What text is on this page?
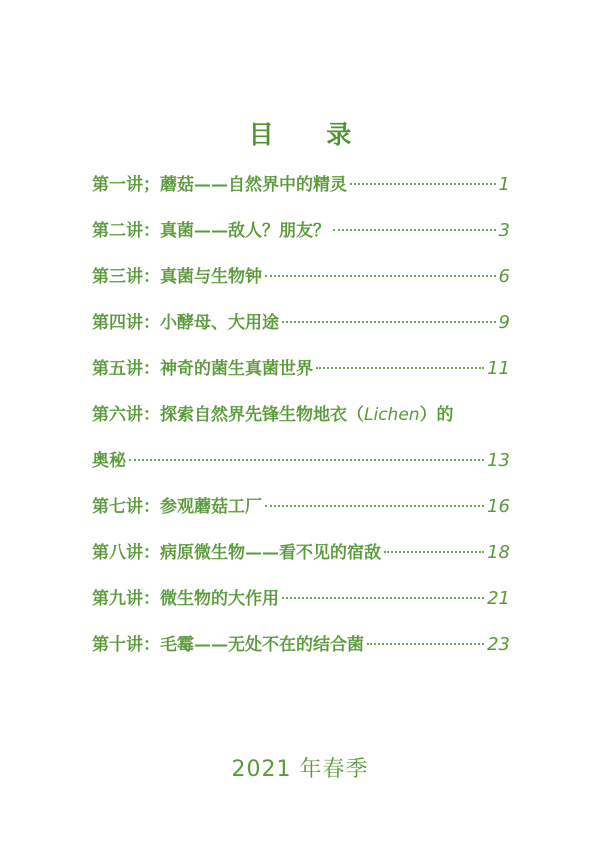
目 录
第一讲； 蘑菇——自然界中的精灵	1
第二讲： 真菌——敌人？朋友？	3
第三讲： 真菌与生物钟	6
第四讲： 小酵母、大用途	9
第五讲： 神奇的菌生真菌世界	11
第六讲： 探索自然界先锋生物地衣（Lichen）的
奥秘	13
第七讲： 参观蘑菇工厂	16
第八讲： 病原微生物——看不见的宿敌	18
第九讲： 微生物的大作用	21
第十讲： 毛霉——无处不在的结合菌	23
2021 年春季
